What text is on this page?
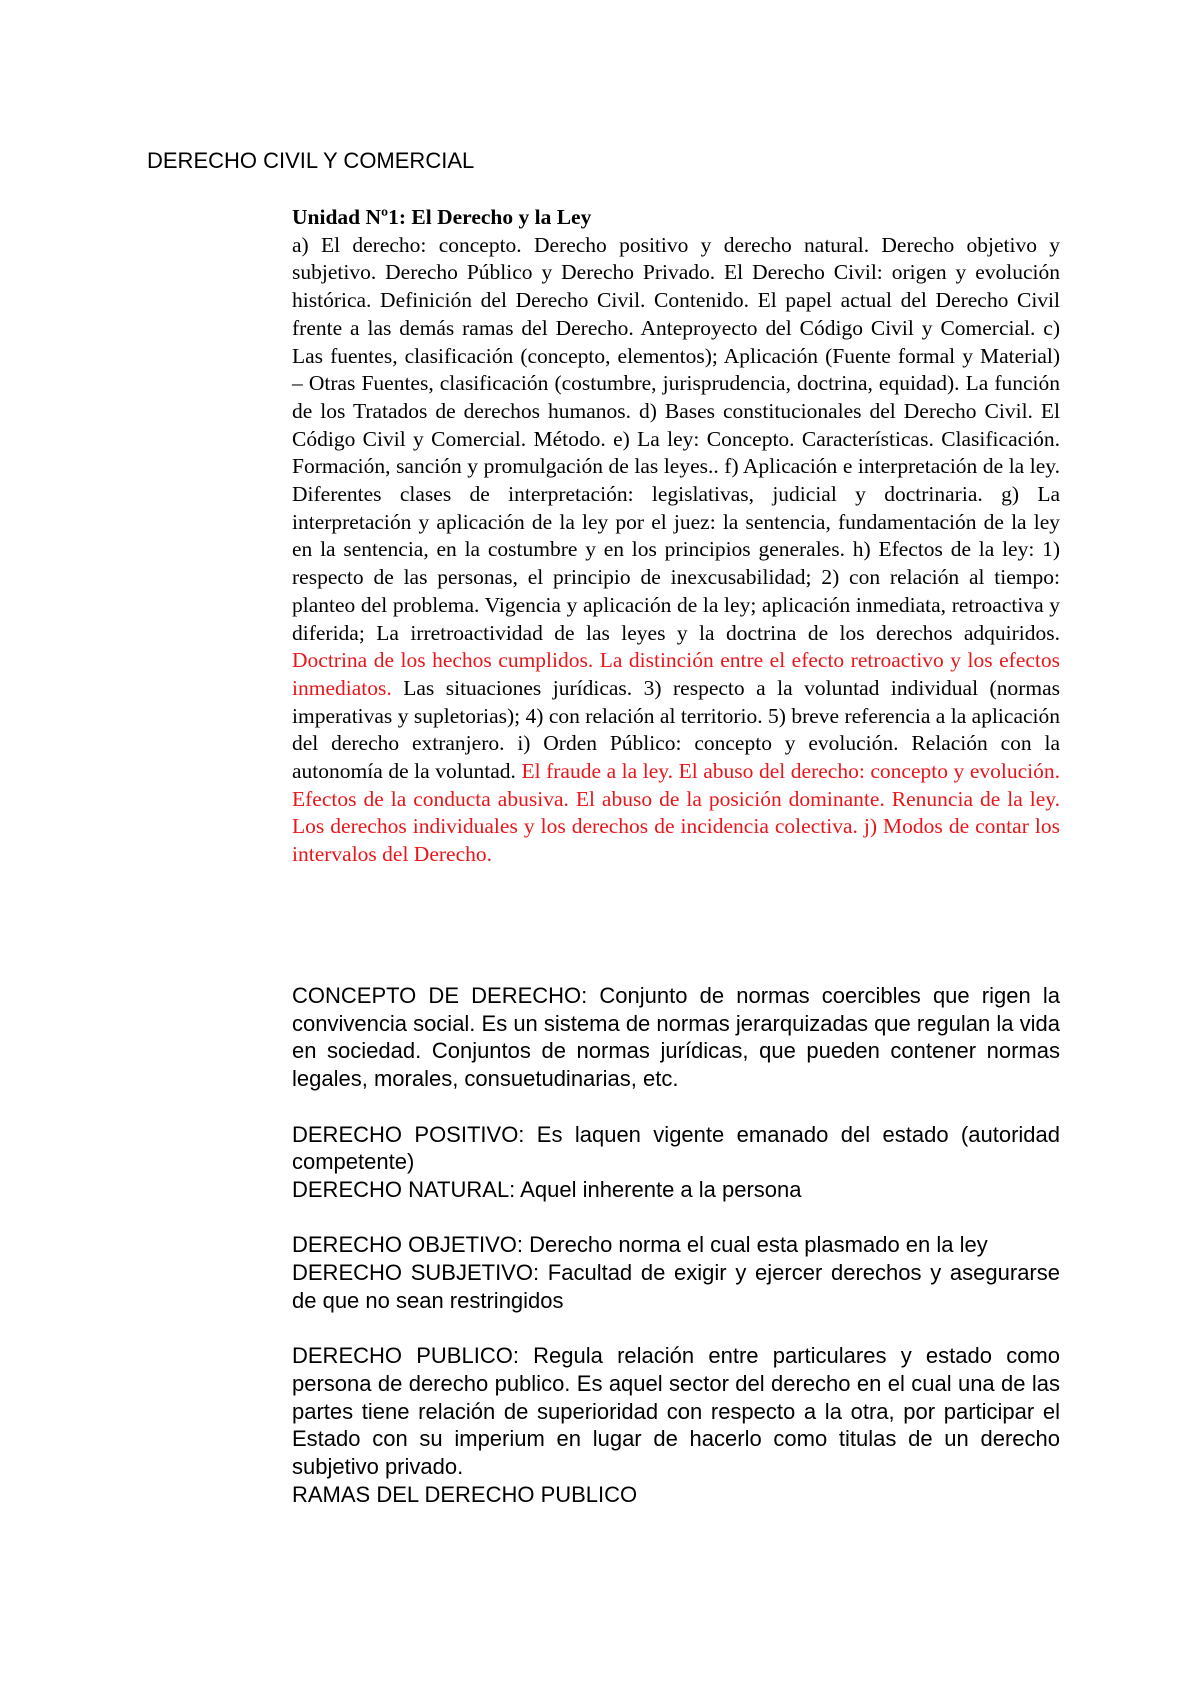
DERECHO CIVIL Y COMERCIAL
Unidad Nº1: El Derecho y la Ley
a) El derecho: concepto. Derecho positivo y derecho natural. Derecho objetivo y subjetivo. Derecho Público y Derecho Privado. El Derecho Civil: origen y evolución histórica. Definición del Derecho Civil. Contenido. El papel actual del Derecho Civil frente a las demás ramas del Derecho. Anteproyecto del Código Civil y Comercial. c) Las fuentes, clasificación (concepto, elementos); Aplicación (Fuente formal y Material) – Otras Fuentes, clasificación (costumbre, jurisprudencia, doctrina, equidad). La función de los Tratados de derechos humanos. d) Bases constitucionales del Derecho Civil. El Código Civil y Comercial. Método. e) La ley: Concepto. Características. Clasificación. Formación, sanción y promulgación de las leyes.. f) Aplicación e interpretación de la ley. Diferentes clases de interpretación: legislativas, judicial y doctrinaria. g) La interpretación y aplicación de la ley por el juez: la sentencia, fundamentación de la ley en la sentencia, en la costumbre y en los principios generales. h) Efectos de la ley: 1) respecto de las personas, el principio de inexcusabilidad; 2) con relación al tiempo: planteo del problema. Vigencia y aplicación de la ley; aplicación inmediata, retroactiva y diferida; La irretroactividad de las leyes y la doctrina de los derechos adquiridos. Doctrina de los hechos cumplidos. La distinción entre el efecto retroactivo y los efectos inmediatos. Las situaciones jurídicas. 3) respecto a la voluntad individual (normas imperativas y supletorias); 4) con relación al territorio. 5) breve referencia a la aplicación del derecho extranjero. i) Orden Público: concepto y evolución. Relación con la autonomía de la voluntad. El fraude a la ley. El abuso del derecho: concepto y evolución. Efectos de la conducta abusiva. El abuso de la posición dominante. Renuncia de la ley. Los derechos individuales y los derechos de incidencia colectiva. j) Modos de contar los intervalos del Derecho.

CONCEPTO DE DERECHO: Conjunto de normas coercibles que rigen la convivencia social. Es un sistema de normas jerarquizadas que regulan la vida en sociedad. Conjuntos de normas jurídicas, que pueden contener normas legales, morales, consuetudinarias, etc.

DERECHO POSITIVO: Es laquen vigente emanado del estado (autoridad competente)

DERECHO NATURAL: Aquel inherente a la persona

DERECHO OBJETIVO: Derecho norma el cual esta plasmado en la ley

DERECHO SUBJETIVO: Facultad de exigir y ejercer derechos y asegurarse de que no sean restringidos

DERECHO PUBLICO: Regula relación entre particulares y estado como persona de derecho publico. Es aquel sector del derecho en el cual una de las partes tiene relación de superioridad con respecto a la otra, por participar el Estado con su imperium en lugar de hacerlo como titulas de un derecho subjetivo privado.

RAMAS DEL DERECHO PUBLICO
